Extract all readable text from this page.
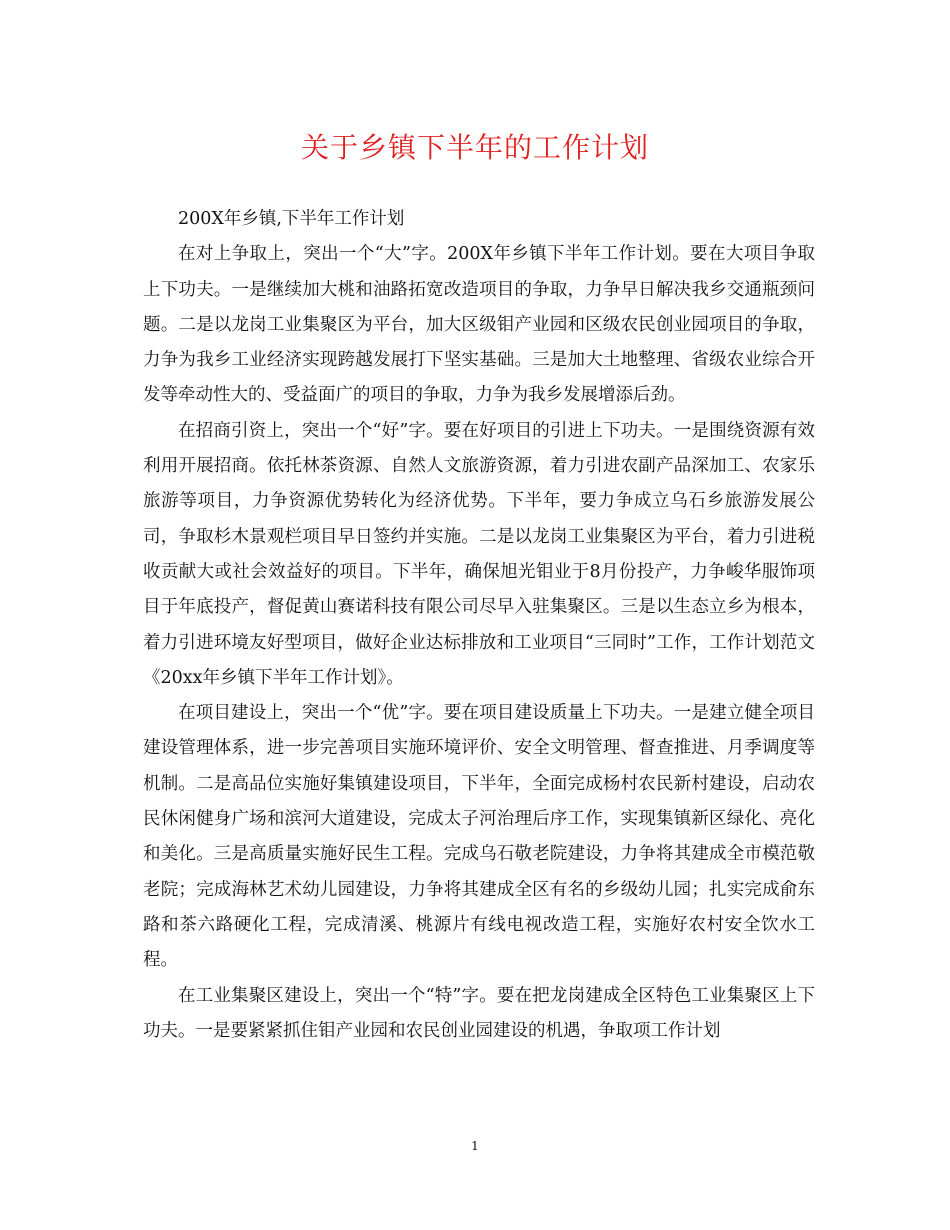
关于乡镇下半年的工作计划

200X年乡镇,下半年工作计划

在对上争取上，突出一个“大”字。200X年乡镇下半年工作计划。要在大项目争取上下功夫。一是继续加大桃和油路拓宽改造项目的争取，力争早日解决我乡交通瓶颈问题。二是以龙岗工业集聚区为平台，加大区级钼产业园和区级农民创业园项目的争取，力争为我乡工业经济实现跨越发展打下坚实基础。三是加大土地整理、省级农业综合开发等牵动性大的、受益面广的项目的争取，力争为我乡发展增添后劲。

在招商引资上，突出一个“好”字。要在好项目的引进上下功夫。一是围绕资源有效利用开展招商。依托林茶资源、自然人文旅游资源，着力引进农副产品深加工、农家乐旅游等项目，力争资源优势转化为经济优势。下半年，要力争成立乌石乡旅游发展公司，争取杉木景观栏项目早日签约并实施。二是以龙岗工业集聚区为平台，着力引进税收贡献大或社会效益好的项目。下半年，确保旭光钼业于8月份投产，力争峻华服饰项目于年底投产，督促黄山赛诺科技有限公司尽早入驻集聚区。三是以生态立乡为根本，着力引进环境友好型项目，做好企业达标排放和工业项目“三同时”工作，工作计划范文《20xx年乡镇下半年工作计划》。

在项目建设上，突出一个“优”字。要在项目建设质量上下功夫。一是建立健全项目建设管理体系，进一步完善项目实施环境评价、安全文明管理、督查推进、月季调度等机制。二是高品位实施好集镇建设项目，下半年，全面完成杨村农民新村建设，启动农民休闲健身广场和滨河大道建设，完成太子河治理后序工作，实现集镇新区绿化、亮化和美化。三是高质量实施好民生工程。完成乌石敬老院建设，力争将其建成全市模范敬老院；完成海林艺术幼儿园建设，力争将其建成全区有名的乡级幼儿园；扎实完成俞东路和茶六路硬化工程，完成清溪、桃源片有线电视改造工程，实施好农村安全饮水工程。

在工业集聚区建设上，突出一个“特”字。要在把龙岗建成全区特色工业集聚区上下功夫。一是要紧紧抓住钼产业园和农民创业园建设的机遇，争取项工作计划

1
